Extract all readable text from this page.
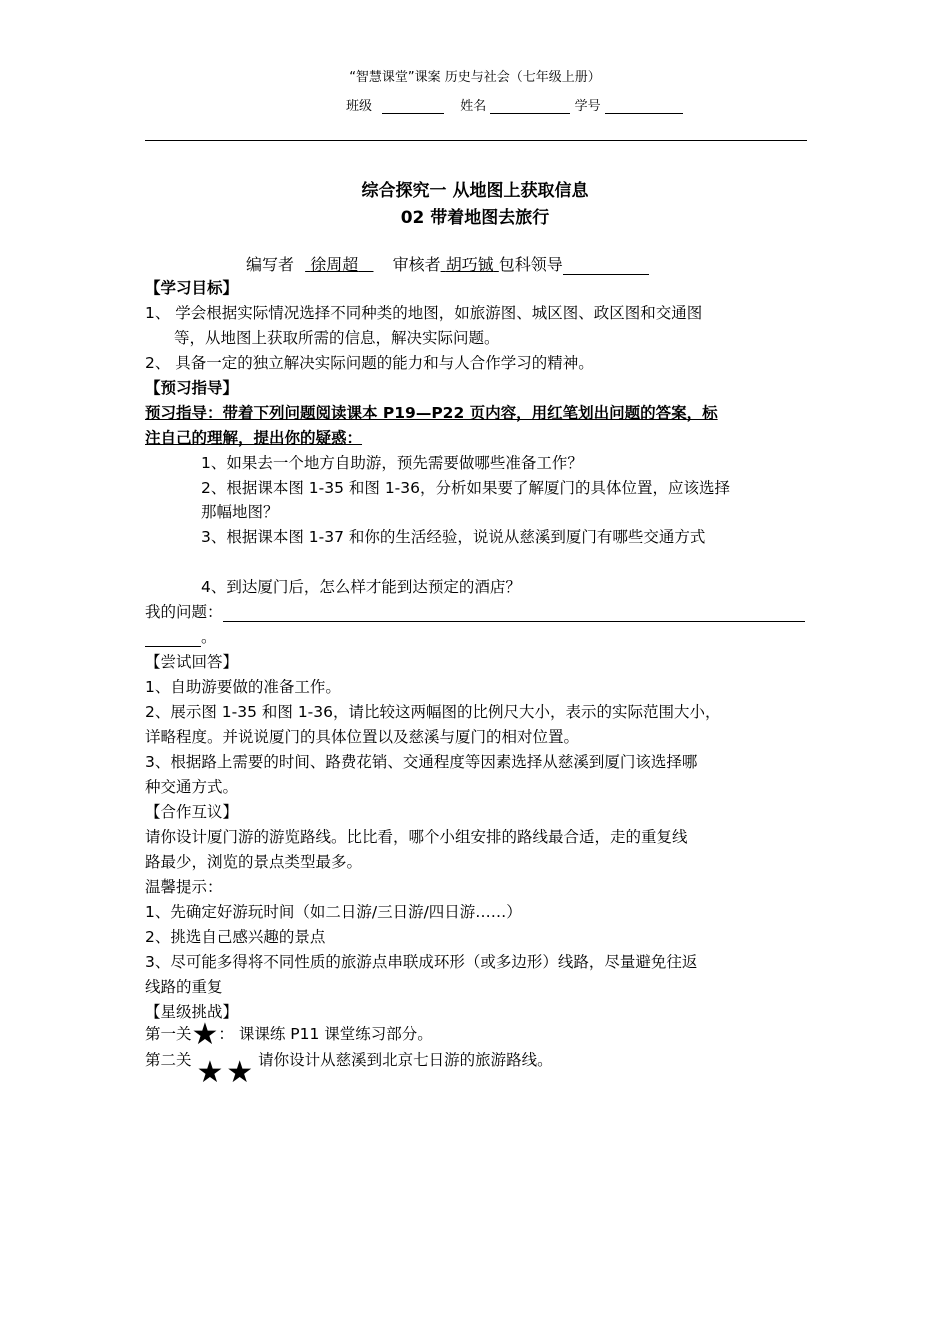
“智慧课堂”课案 历史与社会（七年级上册）
班级	姓名	学号
综合探究一 从地图上获取信息
02 带着地图去旅行
编写者 徐周超 审核者 胡巧铖 包科领导
【学习目标】
1、 学会根据实际情况选择不同种类的地图，如旅游图、城区图、政区图和交通图
等，从地图上获取所需的信息，解决实际问题。
2、 具备一定的独立解决实际问题的能力和与人合作学习的精神。
【预习指导】
预习指导：带着下列问题阅读课本 P19—P22 页内容，用红笔划出问题的答案，标
注自己的理解，提出你的疑惑：
1、如果去一个地方自助游，预先需要做哪些准备工作？
2、根据课本图 1-35 和图 1-36，分析如果要了解厦门的具体位置，应该选择
那幅地图？
3、根据课本图 1-37 和你的生活经验，说说从慈溪到厦门有哪些交通方式
4、到达厦门后，怎么样才能到达预定的酒店？
我的问题：
。
【尝试回答】
1、自助游要做的准备工作。
2、展示图 1-35 和图 1-36，请比较这两幅图的比例尺大小，表示的实际范围大小，
详略程度。并说说厦门的具体位置以及慈溪与厦门的相对位置。
3、根据路上需要的时间、路费花销、交通程度等因素选择从慈溪到厦门该选择哪
种交通方式。
【合作互议】
请你设计厦门游的游览路线。比比看，哪个小组安排的路线最合适，走的重复线
路最少，浏览的景点类型最多。
温馨提示：
1、先确定好游玩时间（如二日游/三日游/四日游……）
2、挑选自己感兴趣的景点
3、尽可能多得将不同性质的旅游点串联成环形（或多边形）线路，尽量避免往返
线路的重复
【星级挑战】
第一关★： 课课练 P11 课堂练习部分。
第二关 ★ ★ 请你设计从慈溪到北京七日游的旅游路线。
